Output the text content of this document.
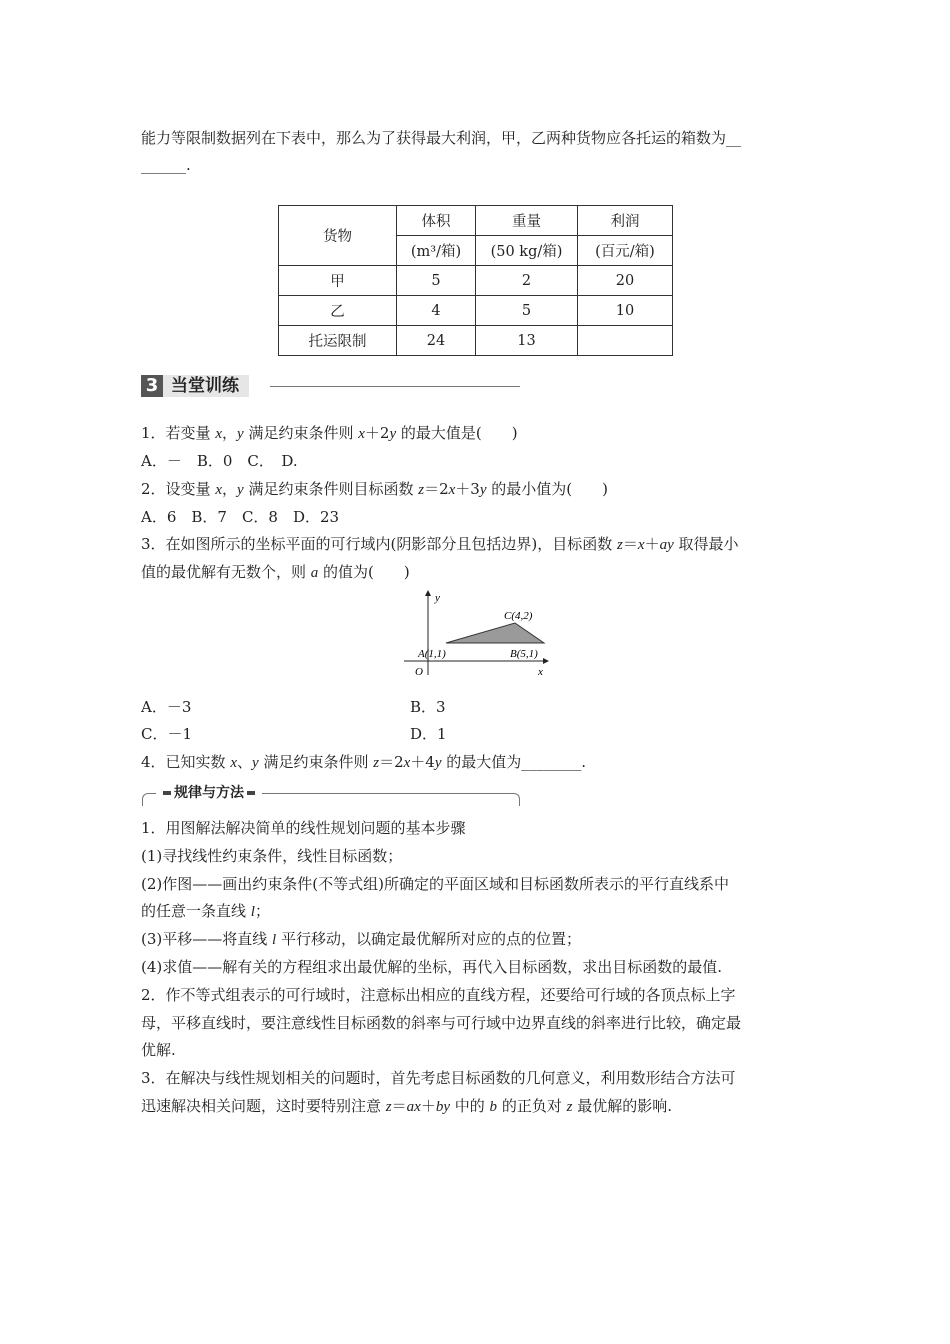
能力等限制数据列在下表中，那么为了获得最大利润，甲，乙两种货物应各托运的箱数为__
______.
货物	体积	重量	利润
	(m³/箱)	(50 kg/箱)	(百元/箱)
甲	5	2	20
乙	4	5	10
托运限制	24	13	
3 当堂训练
1．若变量 x，y 满足约束条件则 x＋2y 的最大值是(　　)
A．－　B．0　C．　D.
2．设变量 x，y 满足约束条件则目标函数 z＝2x＋3y 的最小值为(　　)
A．6　B．7　C．8　D．23
3．在如图所示的坐标平面的可行域内(阴影部分且包括边界)，目标函数 z＝x＋ay 取得最小
值的最优解有无数个，则 a 的值为(　　)
y
x
O
A(1,1)	B(5,1)
C(4,2)
A．－3	B．3
C．－1	D．1
4．已知实数 x、y 满足约束条件则 z＝2x＋4y 的最大值为________.
规律与方法
1．用图解法解决简单的线性规划问题的基本步骤
(1)寻找线性约束条件，线性目标函数；
(2)作图——画出约束条件(不等式组)所确定的平面区域和目标函数所表示的平行直线系中
的任意一条直线 l；
(3)平移——将直线 l 平行移动，以确定最优解所对应的点的位置；
(4)求值——解有关的方程组求出最优解的坐标，再代入目标函数，求出目标函数的最值.
2．作不等式组表示的可行域时，注意标出相应的直线方程，还要给可行域的各顶点标上字
母，平移直线时，要注意线性目标函数的斜率与可行域中边界直线的斜率进行比较，确定最
优解.
3．在解决与线性规划相关的问题时，首先考虑目标函数的几何意义，利用数形结合方法可
迅速解决相关问题，这时要特别注意 z＝ax＋by 中的 b 的正负对 z 最优解的影响.
